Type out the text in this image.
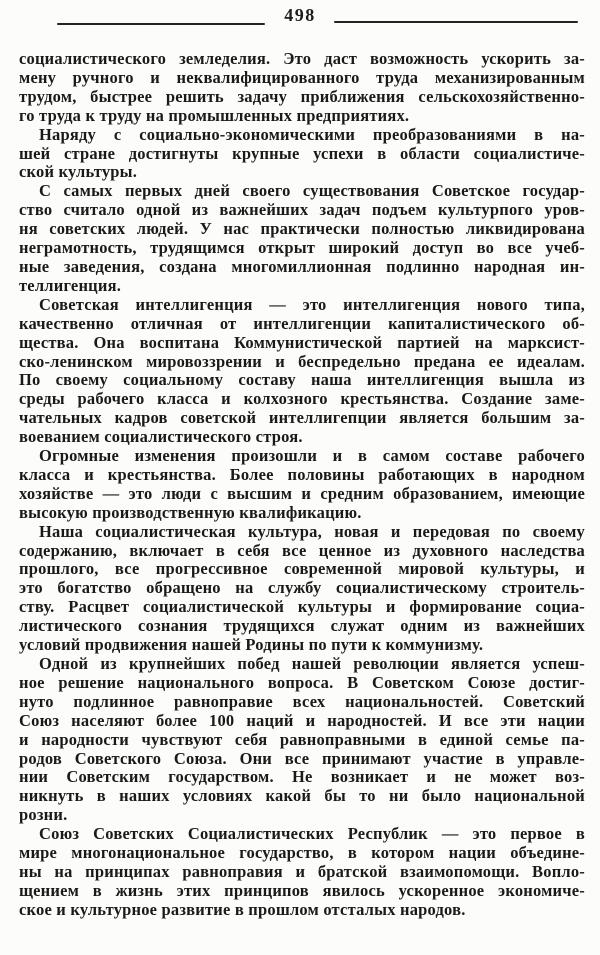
498
социалистического земледелия. Это даст возможность ускорить за-
мену ручного и неквалифицированного труда механизированным
трудом, быстрее решить задачу приближения сельскохозяйственно-
го труда к труду на промышленных предприятиях.
Наряду с социально-экономическими преобразованиями в на-
шей стране достигнуты крупные успехи в области социалистиче-
ской культуры.
С самых первых дней своего существования Советское государ-
ство считало одной из важнейших задач подъем культурпого уров-
ня советских людей. У нас практически полностью ликвидирована
неграмотность, трудящимся открыт широкий доступ во все учеб-
ные заведения, создана многомиллионная подлинно народная ин-
теллигенция.
Советская интеллигенция — это интеллигенция нового типа,
качественно отличная от интеллигенции капиталистического об-
щества. Она воспитана Коммунистической партией на марксист-
ско-ленинском мировоззрении и беспредельно предана ее идеалам.
По своему социальному составу наша интеллигенция вышла из
среды рабочего класса и колхозного крестьянства. Создание заме-
чательных кадров советской интеллигепции является большим за-
воеванием социалистического строя.
Огромные изменения произошли и в самом составе рабочего
класса и крестьянства. Более половины работающих в народном
хозяйстве — это люди с высшим и средним образованием, имеющие
высокую производственную квалификацию.
Наша социалистическая культура, новая и передовая по своему
содержанию, включает в себя все ценное из духовного наследства
прошлого, все прогрессивное современной мировой культуры, и
это богатство обращено на службу социалистическому строитель-
ству. Расцвет социалистической культуры и формирование социа-
листического сознания трудящихся служат одним из важнейших
условий продвижения нашей Родины по пути к коммунизму.
Одной из крупнейших побед нашей революции является успеш-
ное решение национального вопроса. В Советском Союзе достиг-
нуто подлинное равноправие всех национальностей. Советский
Союз населяют более 100 наций и народностей. И все эти нации
и народности чувствуют себя равноправными в единой семье па-
родов Советского Союза. Они все принимают участие в управле-
нии Советским государством. Не возникает и не может воз-
никнуть в наших условиях какой бы то ни было национальной
розни.
Союз Советских Социалистических Республик — это первое в
мире многонациональное государство, в котором нации объедине-
ны на принципах равноправия и братской взаимопомощи. Вопло-
щением в жизнь этих принципов явилось ускоренное экономиче-
ское и культурное развитие в прошлом отсталых народов.
